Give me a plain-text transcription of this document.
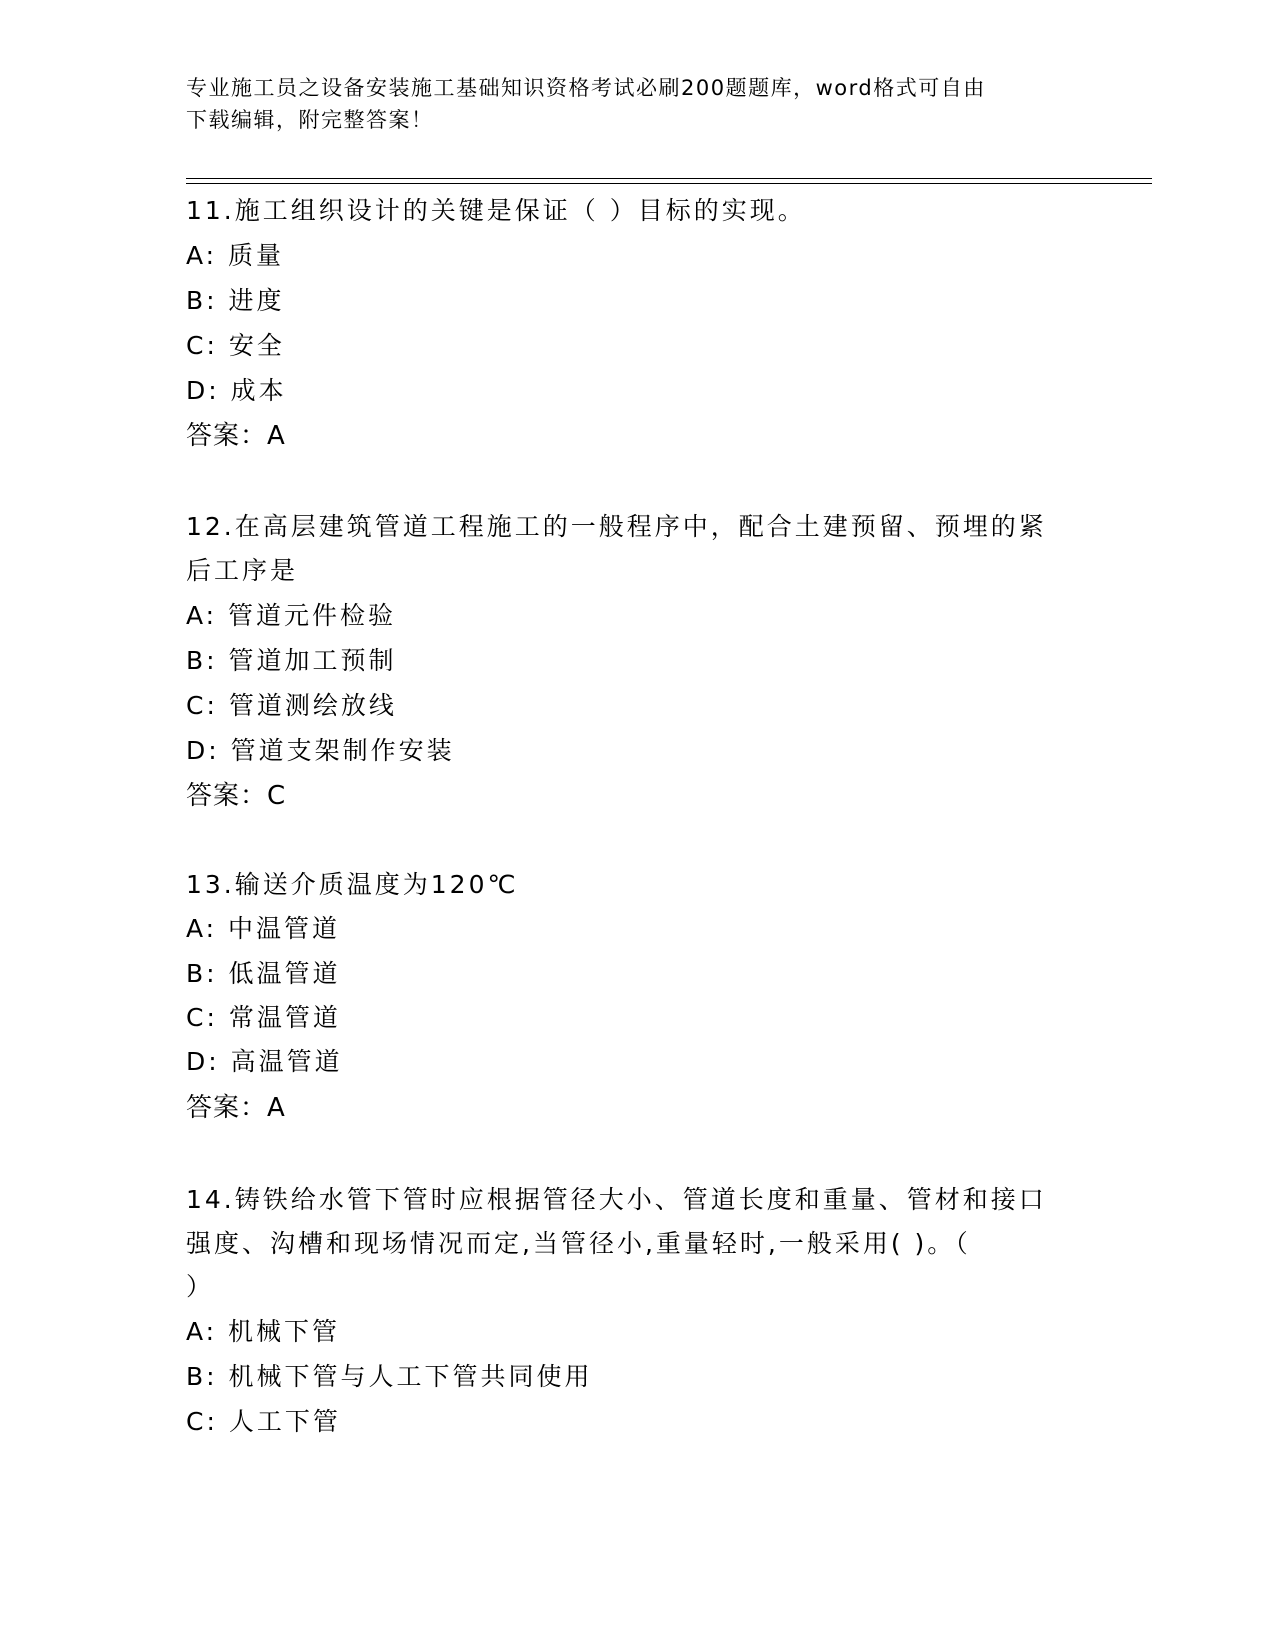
专业施工员之设备安装施工基础知识资格考试必刷200题题库，word格式可自由
下载编辑，附完整答案！
11.施工组织设计的关键是保证（ ）目标的实现。
A: 质量
B: 进度
C: 安全
D: 成本
答案：A
12.在高层建筑管道工程施工的一般程序中，配合土建预留、预埋的紧
后工序是
A: 管道元件检验
B: 管道加工预制
C: 管道测绘放线
D: 管道支架制作安装
答案：C
13.输送介质温度为120℃
A: 中温管道
B: 低温管道
C: 常温管道
D: 高温管道
答案：A
14.铸铁给水管下管时应根据管径大小、管道长度和重量、管材和接口
强度、沟槽和现场情况而定,当管径小,重量轻时,一般采用( )。（
）
A: 机械下管
B: 机械下管与人工下管共同使用
C: 人工下管
